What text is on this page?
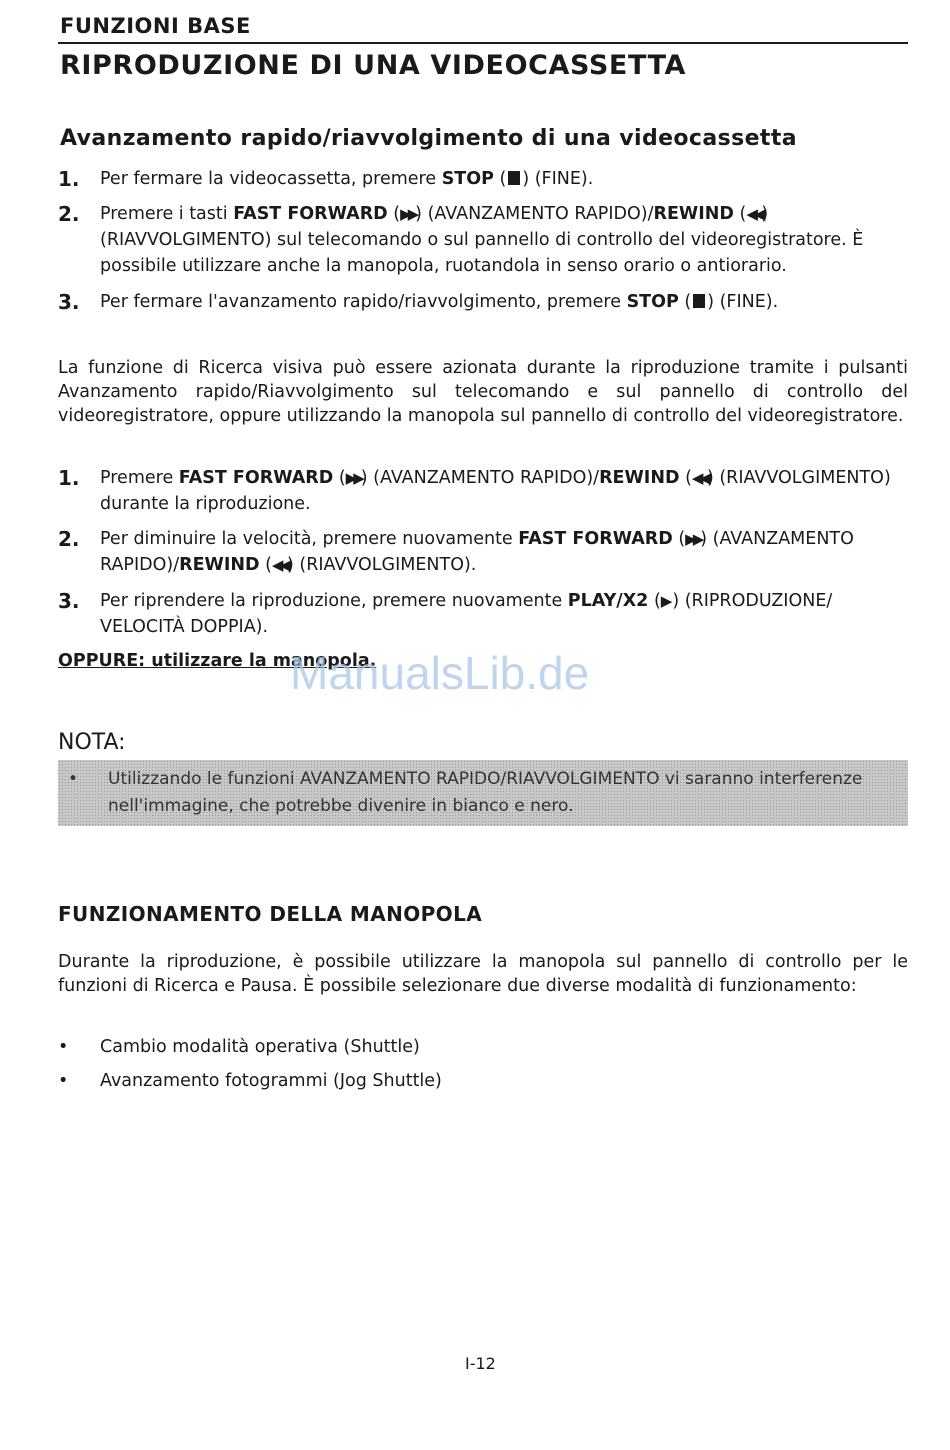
FUNZIONI BASE
RIPRODUZIONE DI UNA VIDEOCASSETTA
Avanzamento rapido/riavvolgimento di una videocassetta
1.	Per fermare la videocassetta, premere STOP ( ) (FINE).
2.	Premere i tasti FAST FORWARD (▶▶) (AVANZAMENTO RAPIDO)/REWIND (◀◀) (RIAVVOLGIMENTO) sul telecomando o sul pannello di controllo del videoregistratore. È possibile utilizzare anche la manopola, ruotandola in senso orario o antiorario.
3.	Per fermare l'avanzamento rapido/riavvolgimento, premere STOP ( ) (FINE).
La funzione di Ricerca visiva può essere azionata durante la riproduzione tramite i pulsanti Avanzamento rapido/Riavvolgimento sul telecomando e sul pannello di controllo del videoregistratore, oppure utilizzando la manopola sul pannello di controllo del videoregistratore.
1.	Premere FAST FORWARD (▶▶) (AVANZAMENTO RAPIDO)/REWIND (◀◀) (RIAVVOLGIMENTO) durante la riproduzione.
2.	Per diminuire la velocità, premere nuovamente FAST FORWARD (▶▶) (AVANZAMENTO RAPIDO)/REWIND (◀◀) (RIAVVOLGIMENTO).
3.	Per riprendere la riproduzione, premere nuovamente PLAY/X2 (▶) (RIPRODUZIONE/ VELOCITÀ DOPPIA).
OPPURE: utilizzare la manopola.
ManualsLib.de
NOTA:
•	Utilizzando le funzioni AVANZAMENTO RAPIDO/RIAVVOLGIMENTO vi saranno interferenze nell'immagine, che potrebbe divenire in bianco e nero.
FUNZIONAMENTO DELLA MANOPOLA
Durante la riproduzione, è possibile utilizzare la manopola sul pannello di controllo per le funzioni di Ricerca e Pausa. È possibile selezionare due diverse modalità di funzionamento:
•	Cambio modalità operativa (Shuttle)
•	Avanzamento fotogrammi (Jog Shuttle)
I-12
